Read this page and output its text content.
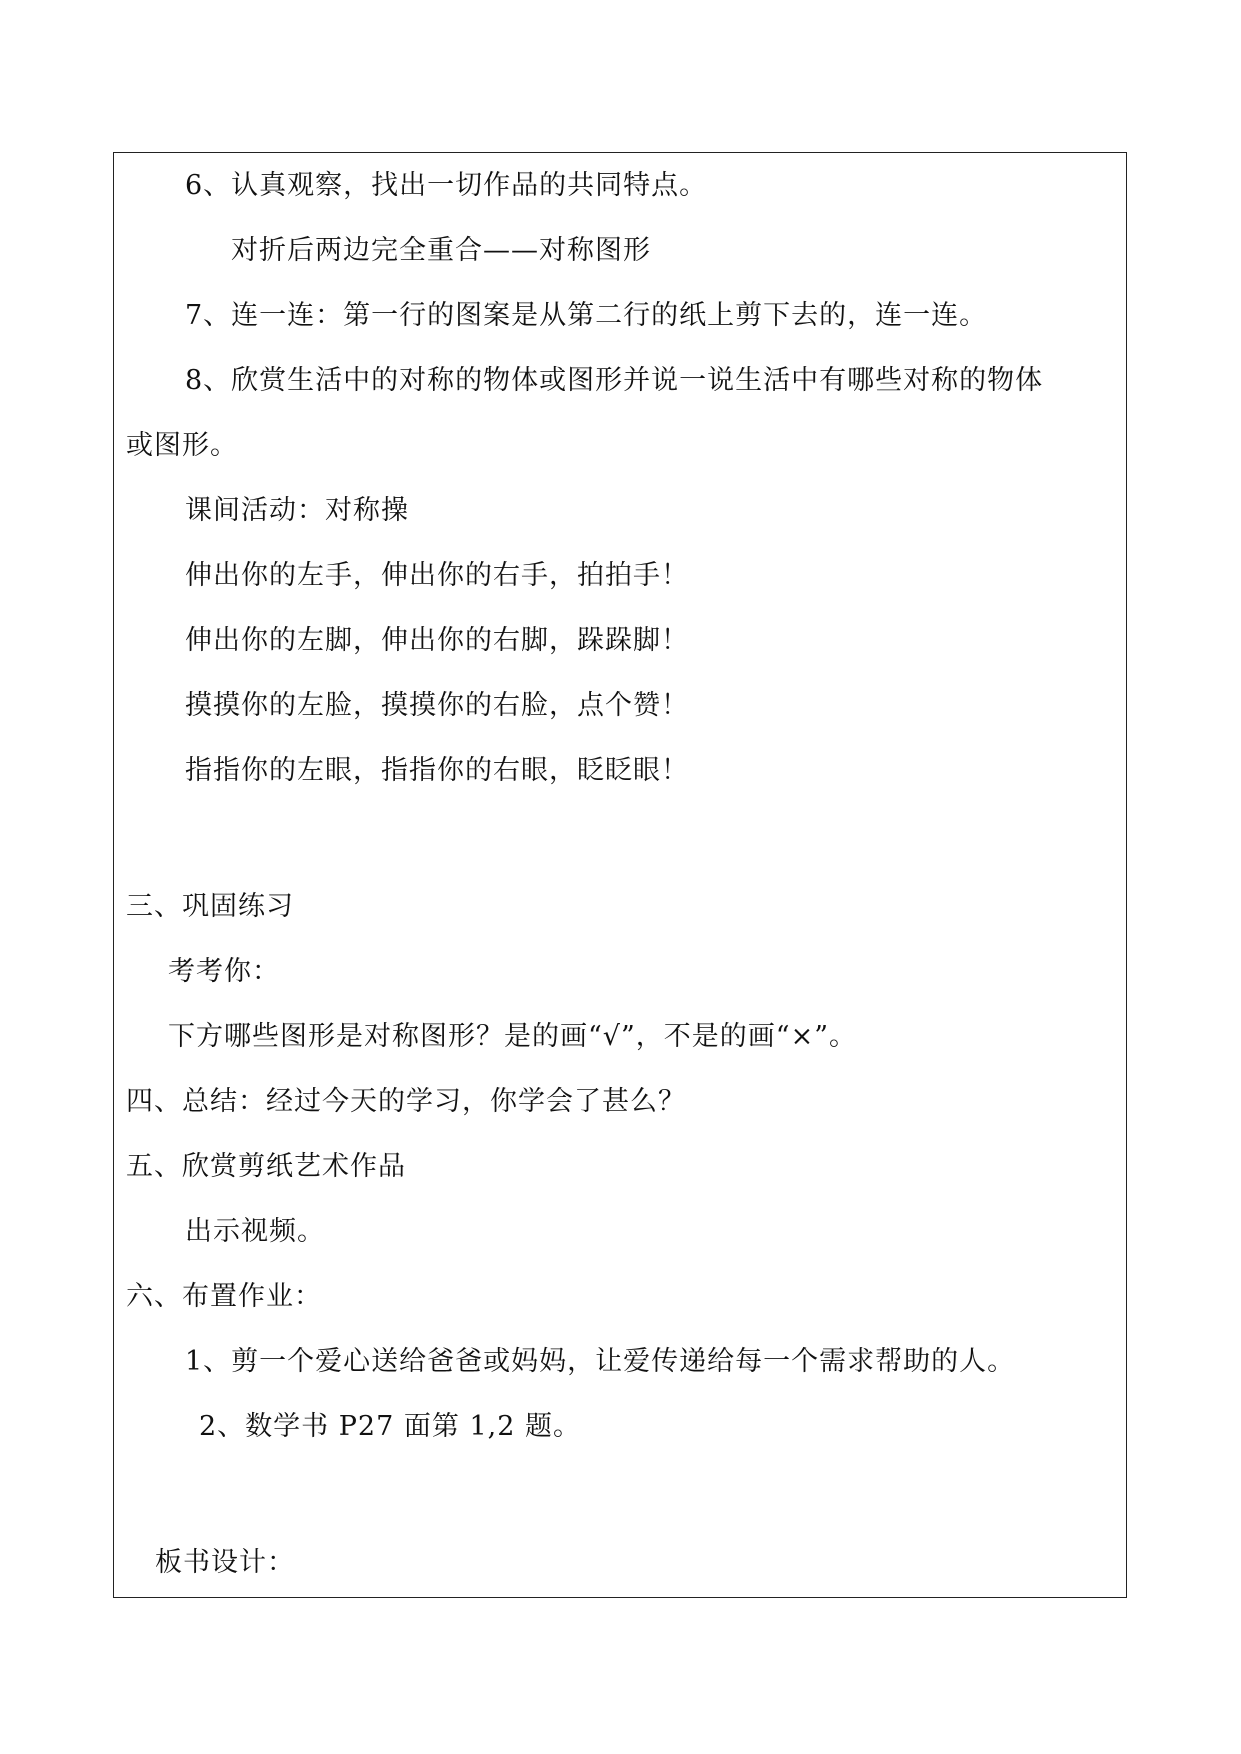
6、认真观察，找出一切作品的共同特点。
对折后两边完全重合——对称图形
7、连一连：第一行的图案是从第二行的纸上剪下去的，连一连。
8、欣赏生活中的对称的物体或图形并说一说生活中有哪些对称的物体
或图形。
课间活动：对称操
伸出你的左手，伸出你的右手，拍拍手！
伸出你的左脚，伸出你的右脚，跺跺脚！
摸摸你的左脸，摸摸你的右脸，点个赞！
指指你的左眼，指指你的右眼，眨眨眼！
三、巩固练习
考考你：
下方哪些图形是对称图形？是的画“√”，不是的画“×”。
四、总结：经过今天的学习，你学会了甚么？
五、欣赏剪纸艺术作品
出示视频。
六、布置作业：
1、剪一个爱心送给爸爸或妈妈，让爱传递给每一个需求帮助的人。
2、数学书 P27 面第 1,2 题。
板书设计：
